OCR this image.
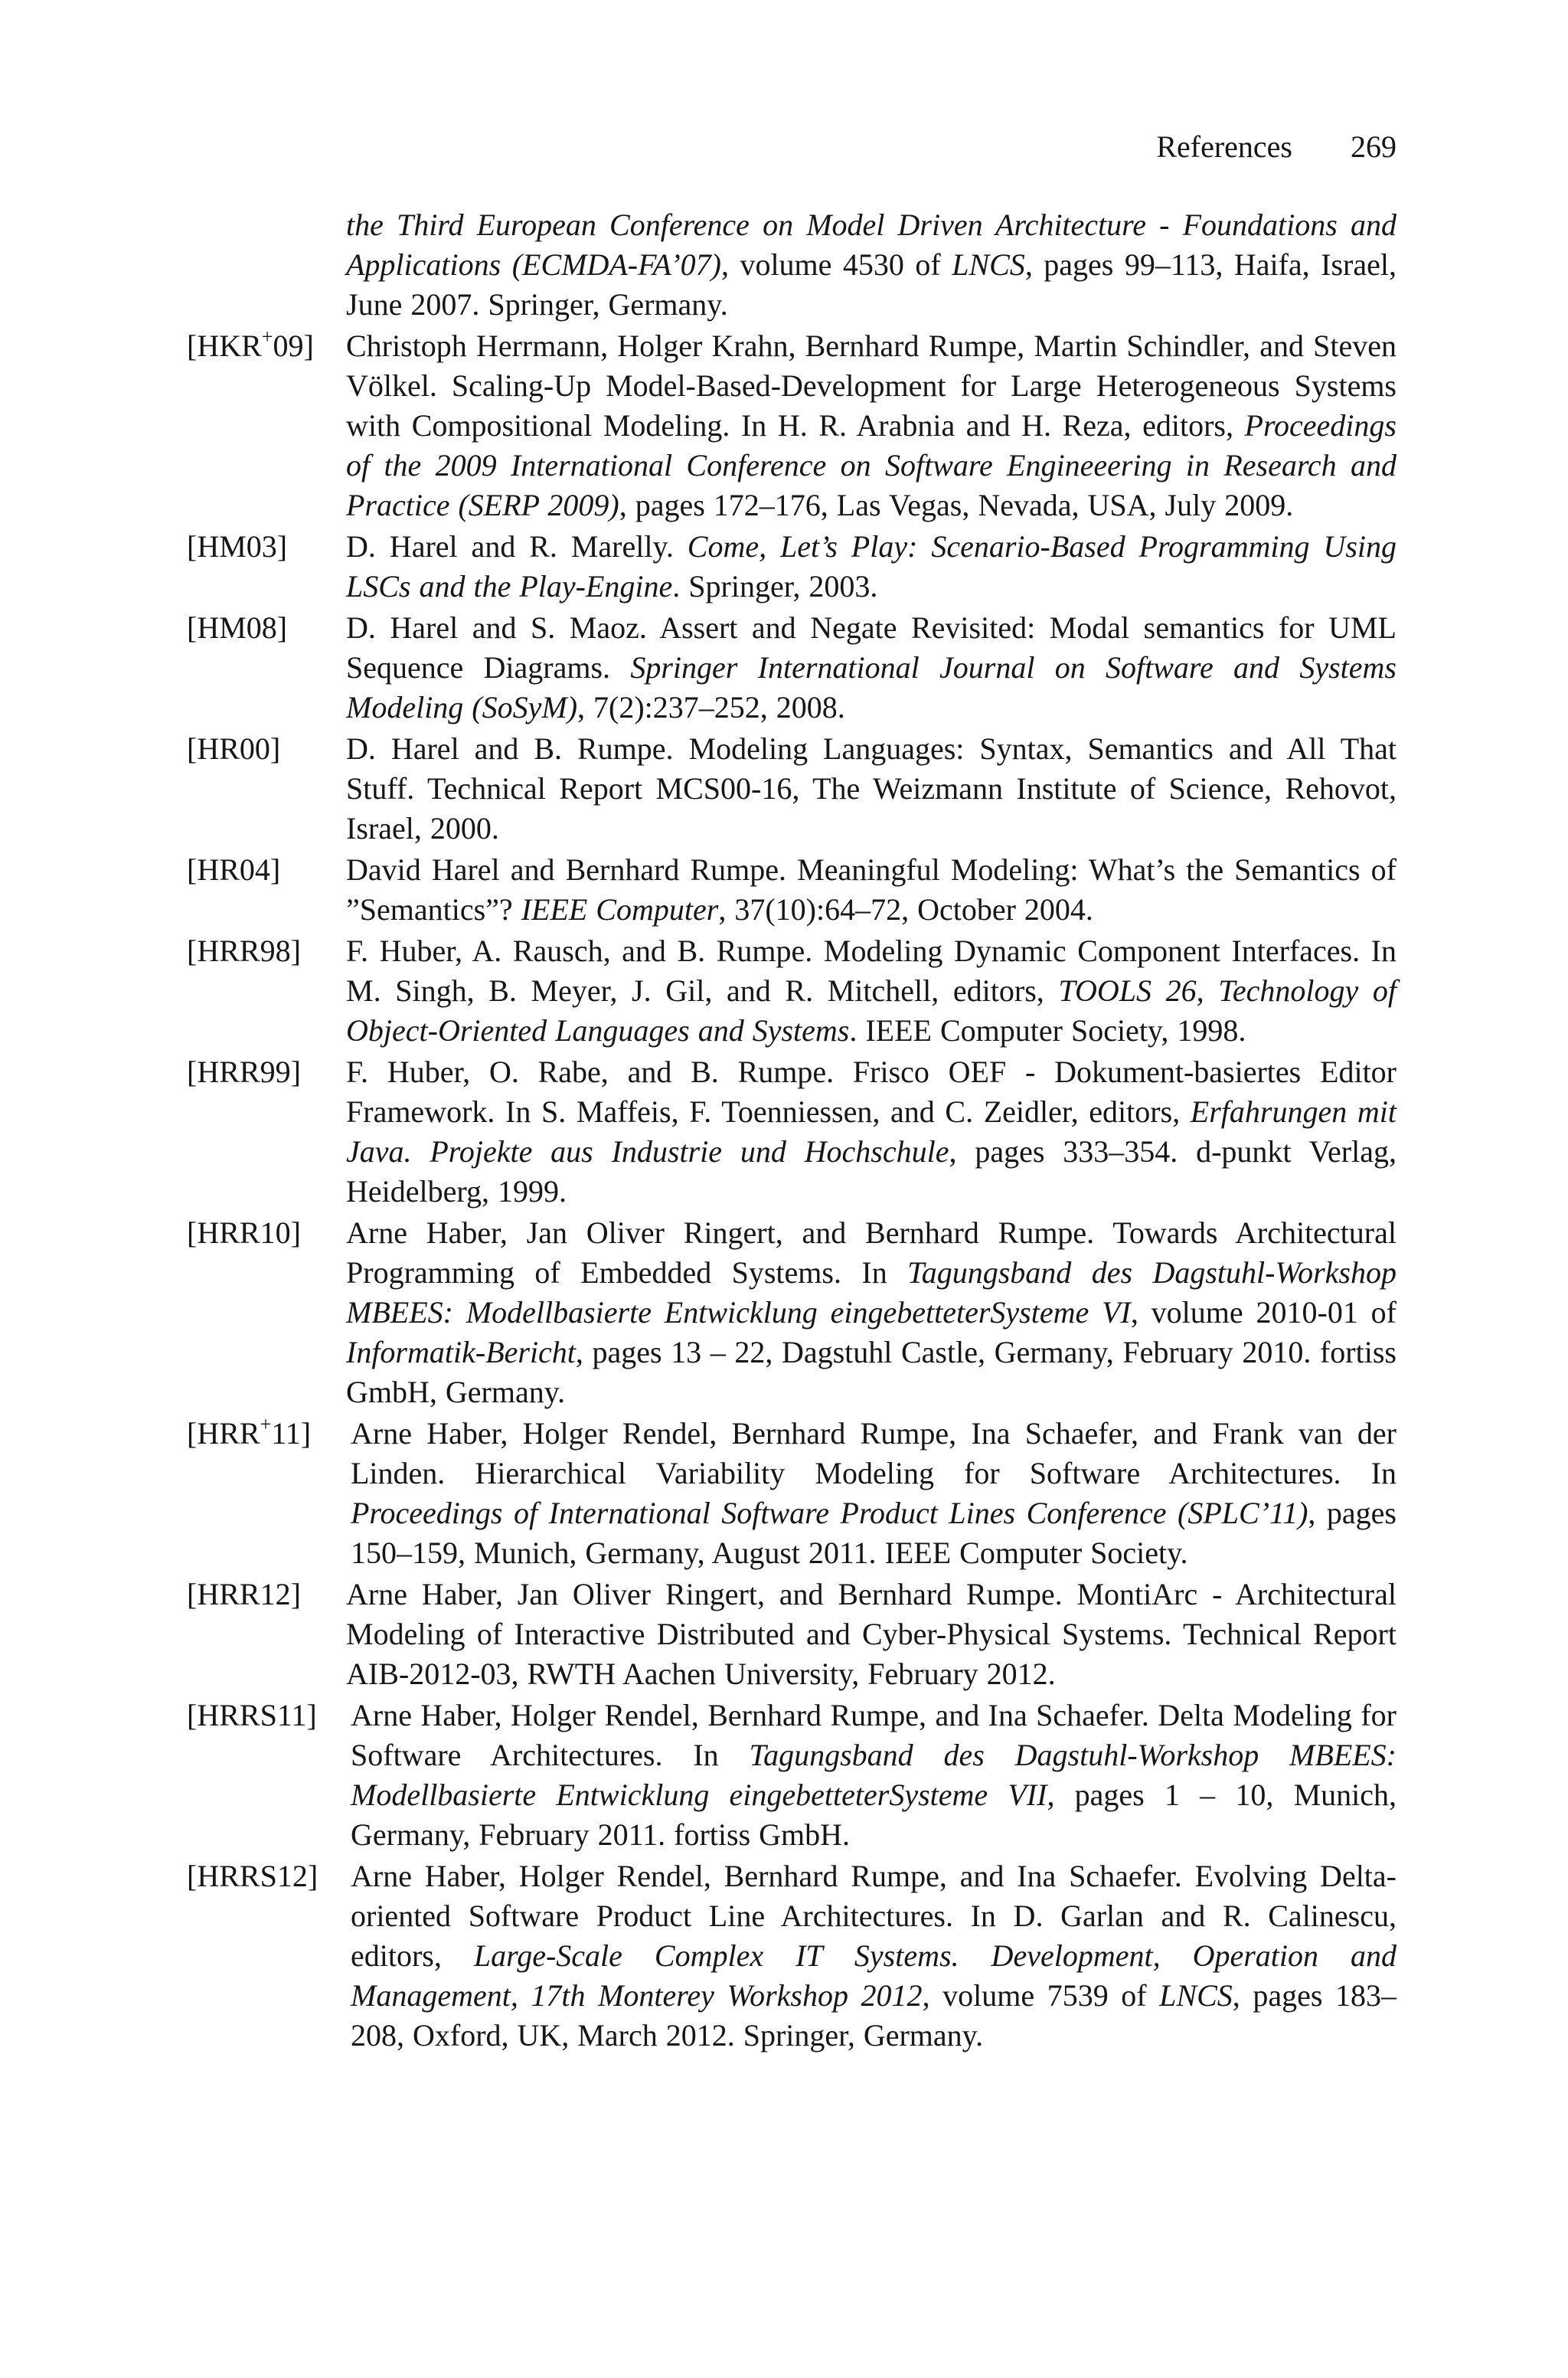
References 269
the Third European Conference on Model Driven Architecture - Foundations and Applications (ECMDA-FA’07), volume 4530 of LNCS, pages 99–113, Haifa, Israel, June 2007. Springer, Germany.
[HKR+09] Christoph Herrmann, Holger Krahn, Bernhard Rumpe, Martin Schindler, and Steven Völkel. Scaling-Up Model-Based-Development for Large Heterogeneous Systems with Compositional Modeling. In H. R. Arabnia and H. Reza, editors, Proceedings of the 2009 International Conference on Software Engineeering in Research and Practice (SERP 2009), pages 172–176, Las Vegas, Nevada, USA, July 2009.
[HM03] D. Harel and R. Marelly. Come, Let’s Play: Scenario-Based Programming Using LSCs and the Play-Engine. Springer, 2003.
[HM08] D. Harel and S. Maoz. Assert and Negate Revisited: Modal semantics for UML Sequence Diagrams. Springer International Journal on Software and Systems Modeling (SoSyM), 7(2):237–252, 2008.
[HR00] D. Harel and B. Rumpe. Modeling Languages: Syntax, Semantics and All That Stuff. Technical Report MCS00-16, The Weizmann Institute of Science, Rehovot, Israel, 2000.
[HR04] David Harel and Bernhard Rumpe. Meaningful Modeling: What’s the Semantics of ”Semantics”? IEEE Computer, 37(10):64–72, October 2004.
[HRR98] F. Huber, A. Rausch, and B. Rumpe. Modeling Dynamic Component Interfaces. In M. Singh, B. Meyer, J. Gil, and R. Mitchell, editors, TOOLS 26, Technology of Object-Oriented Languages and Systems. IEEE Computer Society, 1998.
[HRR99] F. Huber, O. Rabe, and B. Rumpe. Frisco OEF - Dokument-basiertes Editor Framework. In S. Maffeis, F. Toenniessen, and C. Zeidler, editors, Erfahrungen mit Java. Projekte aus Industrie und Hochschule, pages 333–354. d-punkt Verlag, Heidelberg, 1999.
[HRR10] Arne Haber, Jan Oliver Ringert, and Bernhard Rumpe. Towards Architectural Programming of Embedded Systems. In Tagungsband des Dagstuhl-Workshop MBEES: Modellbasierte Entwicklung eingebetteterSysteme VI, volume 2010-01 of Informatik-Bericht, pages 13 – 22, Dagstuhl Castle, Germany, February 2010. fortiss GmbH, Germany.
[HRR+11] Arne Haber, Holger Rendel, Bernhard Rumpe, Ina Schaefer, and Frank van der Linden. Hierarchical Variability Modeling for Software Architectures. In Proceedings of International Software Product Lines Conference (SPLC’11), pages 150–159, Munich, Germany, August 2011. IEEE Computer Society.
[HRR12] Arne Haber, Jan Oliver Ringert, and Bernhard Rumpe. MontiArc - Architectural Modeling of Interactive Distributed and Cyber-Physical Systems. Technical Report AIB-2012-03, RWTH Aachen University, February 2012.
[HRRS11] Arne Haber, Holger Rendel, Bernhard Rumpe, and Ina Schaefer. Delta Modeling for Software Architectures. In Tagungsband des Dagstuhl-Workshop MBEES: Modellbasierte Entwicklung eingebetteterSysteme VII, pages 1 – 10, Munich, Germany, February 2011. fortiss GmbH.
[HRRS12] Arne Haber, Holger Rendel, Bernhard Rumpe, and Ina Schaefer. Evolving Delta-oriented Software Product Line Architectures. In D. Garlan and R. Calinescu, editors, Large-Scale Complex IT Systems. Development, Operation and Management, 17th Monterey Workshop 2012, volume 7539 of LNCS, pages 183–208, Oxford, UK, March 2012. Springer, Germany.
